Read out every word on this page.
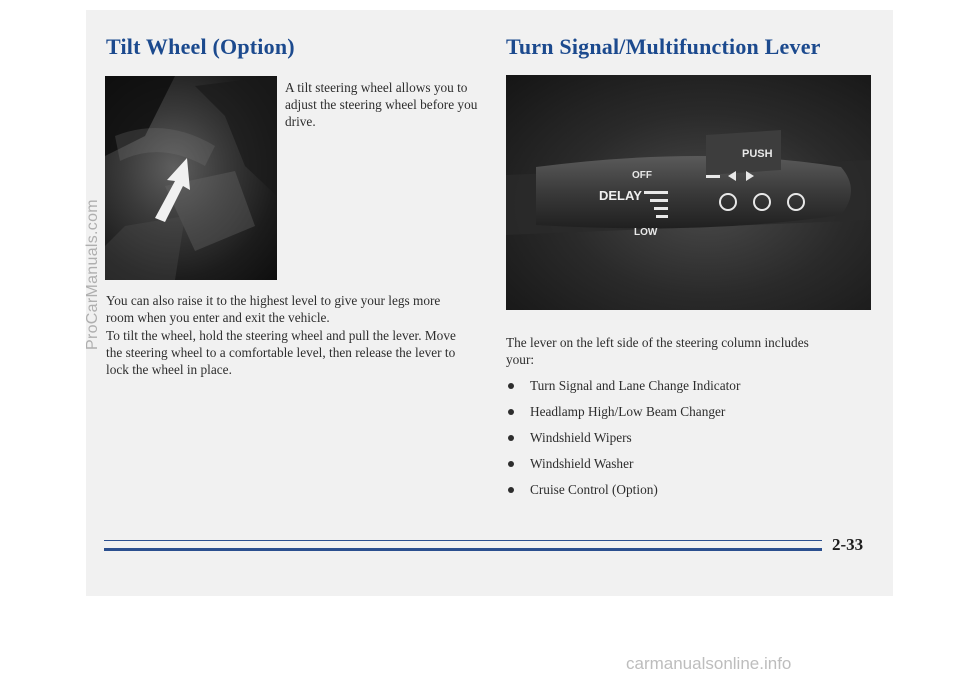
Tilt Wheel (Option)	Turn Signal/Multifunction Lever

A tilt steering wheel allows you to adjust the steering wheel before you drive.

You can also raise it to the highest level to give your legs more room when you enter and exit the vehicle.

To tilt the wheel, hold the steering wheel and pull the lever. Move the steering wheel to a comfortable level, then release the lever to lock the wheel in place.

PUSH
OFF
DELAY
LOW

The lever on the left side of the steering column includes your:

Turn Signal and Lane Change Indicator
Headlamp High/Low Beam Changer
Windshield Wipers
Windshield Washer
Cruise Control (Option)
2-33
ProCarManuals.com
carmanualsonline.info
